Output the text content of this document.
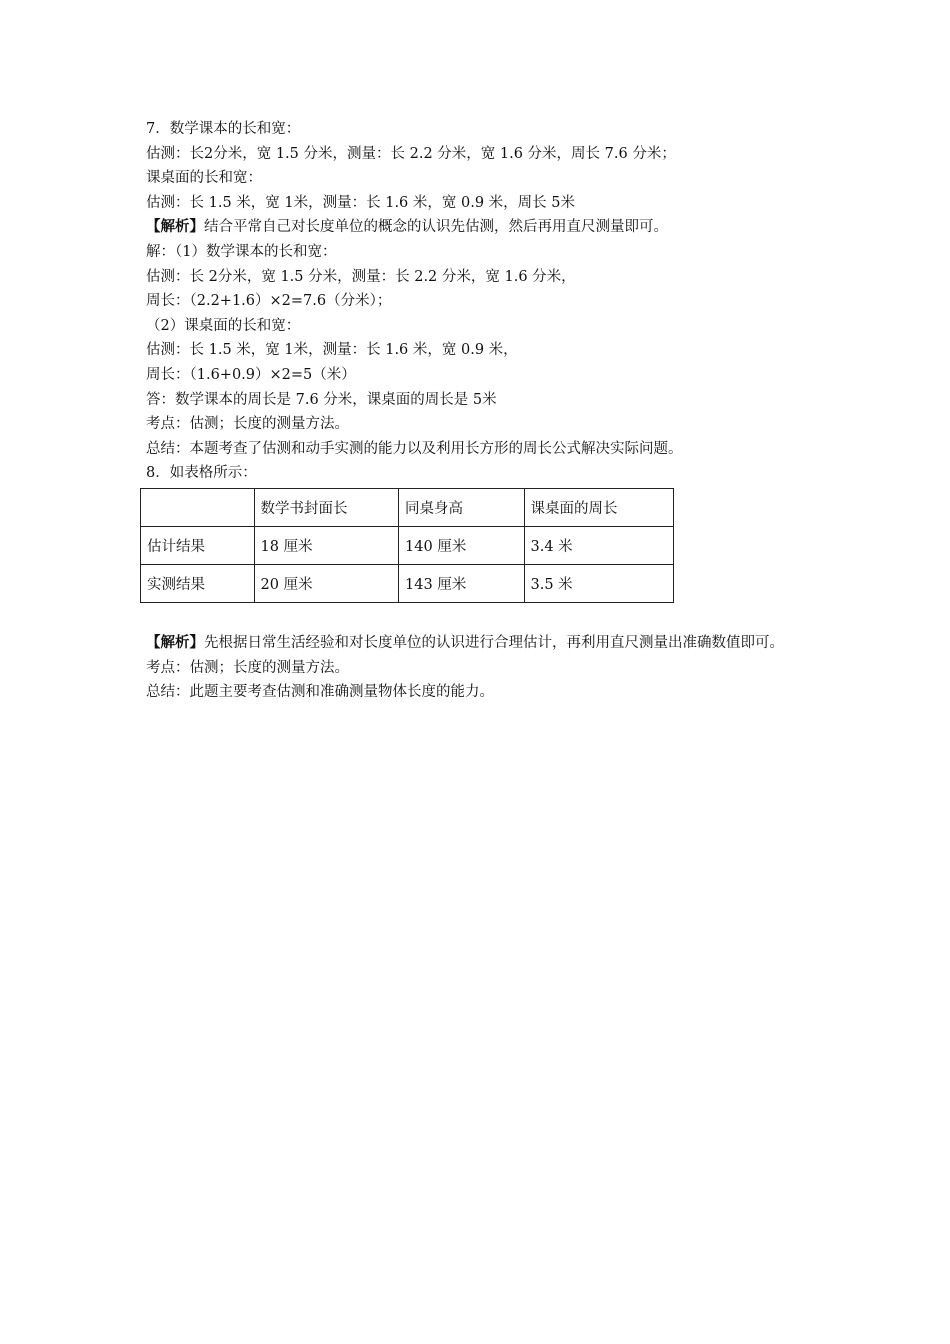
7．数学课本的长和宽：
估测：长2分米，宽 1.5 分米，测量：长 2.2 分米，宽 1.6 分米，周长 7.6 分米；
课桌面的长和宽：
估测：长 1.5 米，宽 1米，测量：长 1.6 米，宽 0.9 米，周长 5米
【解析】结合平常自己对长度单位的概念的认识先估测，然后再用直尺测量即可。
解：（1）数学课本的长和宽：
估测：长 2分米，宽 1.5 分米，测量：长 2.2 分米，宽 1.6 分米，
周长：（2.2+1.6）×2=7.6（分米）；
（2）课桌面的长和宽：
估测：长 1.5 米，宽 1米，测量：长 1.6 米，宽 0.9 米，
周长：（1.6+0.9）×2=5（米）
答：数学课本的周长是 7.6 分米，课桌面的周长是 5米
考点：估测；长度的测量方法。
总结：本题考查了估测和动手实测的能力以及利用长方形的周长公式解决实际问题。
8．如表格所示：
	数学书封面长	同桌身高	课桌面的周长
估计结果	18 厘米	140 厘米	3.4 米
实测结果	20 厘米	143 厘米	3.5 米
【解析】先根据日常生活经验和对长度单位的认识进行合理估计，再利用直尺测量出准确数值即可。
考点：估测；长度的测量方法。
总结：此题主要考查估测和准确测量物体长度的能力。
